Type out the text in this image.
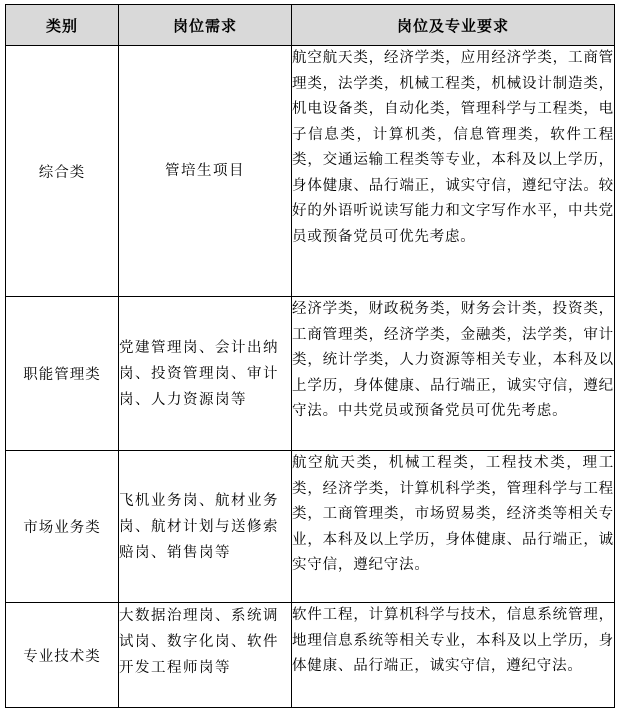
类别	岗位需求	岗位及专业要求
综合类	管培生项目	航空航天类，经济学类，应用经济学类，工商管理类，法学类，机械工程类，机械设计制造类，机电设备类，自动化类，管理科学与工程类，电子信息类，计算机类，信息管理类，软件工程类，交通运输工程类等专业，本科及以上学历，身体健康、品行端正，诚实守信，遵纪守法。较好的外语听说读写能力和文字写作水平，中共党员或预备党员可优先考虑。
职能管理类	党建管理岗、会计出纳岗、投资管理岗、审计岗、人力资源岗等	经济学类，财政税务类，财务会计类，投资类，工商管理类，经济学类，金融类，法学类，审计类，统计学类，人力资源等相关专业，本科及以上学历，身体健康、品行端正，诚实守信，遵纪守法。中共党员或预备党员可优先考虑。
市场业务类	飞机业务岗、航材业务岗、航材计划与送修索赔岗、销售岗等	航空航天类，机械工程类，工程技术类，理工类，经济学类，计算机科学类，管理科学与工程类，工商管理类，市场贸易类，经济类等相关专业，本科及以上学历，身体健康、品行端正，诚实守信，遵纪守法。
专业技术类	大数据治理岗、系统调试岗、数字化岗、软件开发工程师岗等	软件工程，计算机科学与技术，信息系统管理，地理信息系统等相关专业，本科及以上学历，身体健康、品行端正，诚实守信，遵纪守法。
